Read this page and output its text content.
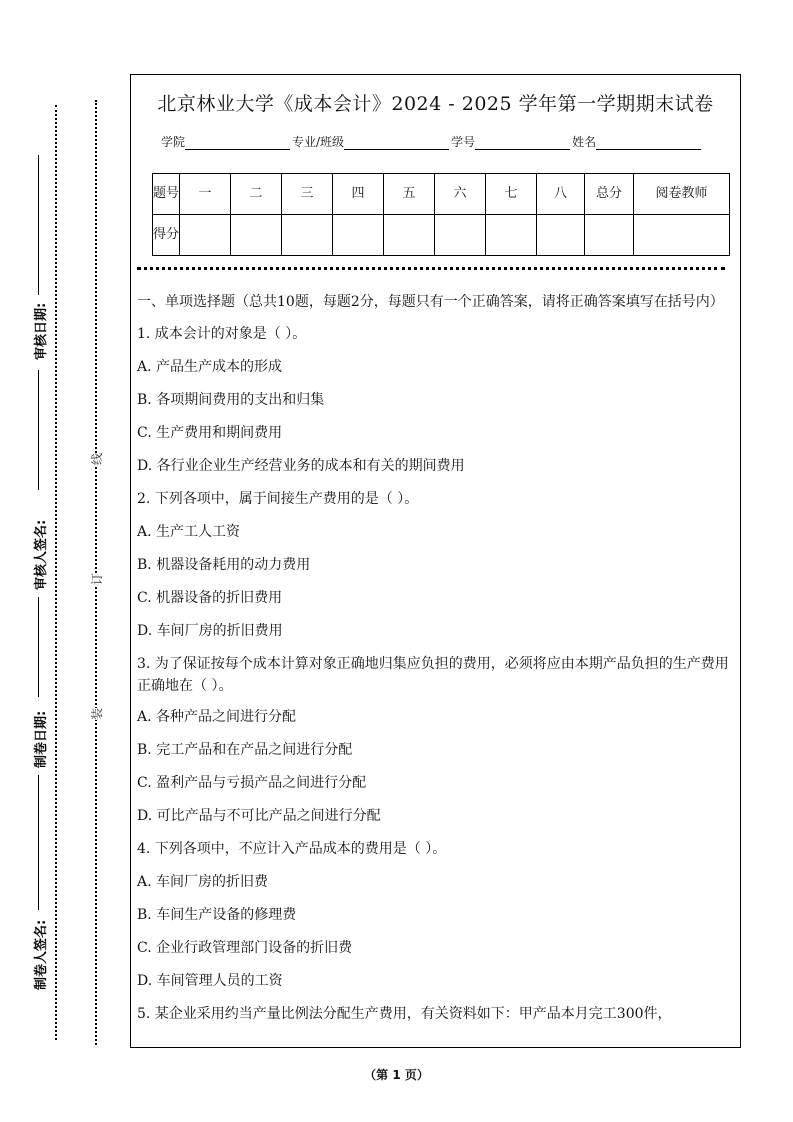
审核日期:
审核人签名:
制卷日期:
制卷人签名:
线
订
装
北京林业大学《成本会计》2024 - 2025 学年第一学期期末试卷
学院	专业/班级	学号	姓名
题号	一	二	三	四	五	六	七	八	总分	阅卷教师
得分										
一、单项选择题（总共10题，每题2分，每题只有一个正确答案，请将正确答案填写在括号内）
1. 成本会计的对象是（ ）。
A. 产品生产成本的形成
B. 各项期间费用的支出和归集
C. 生产费用和期间费用
D. 各行业企业生产经营业务的成本和有关的期间费用
2. 下列各项中，属于间接生产费用的是（ ）。
A. 生产工人工资
B. 机器设备耗用的动力费用
C. 机器设备的折旧费用
D. 车间厂房的折旧费用
3. 为了保证按每个成本计算对象正确地归集应负担的费用，必须将应由本期产品负担的生产费用正确地在（ ）。
A. 各种产品之间进行分配
B. 完工产品和在产品之间进行分配
C. 盈利产品与亏损产品之间进行分配
D. 可比产品与不可比产品之间进行分配
4. 下列各项中，不应计入产品成本的费用是（ ）。
A. 车间厂房的折旧费
B. 车间生产设备的修理费
C. 企业行政管理部门设备的折旧费
D. 车间管理人员的工资
5. 某企业采用约当产量比例法分配生产费用，有关资料如下：甲产品本月完工300件，
（第 1 页）
